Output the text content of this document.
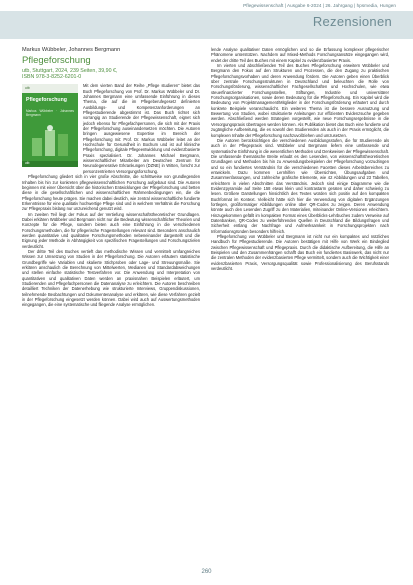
Pflegewissenschaft | Ausgabe 6-2024 | 26. Jahrgang | hpsmedia, Hungen
Rezensionen
Markus Wübbeler, Johannes Bergmann
Pflegeforschung
utb, Stuttgart, 2024, 239 Seiten, 39,90 €,
ISBN 978-3-8252-6201-0
utb
Pflegeforschung
Markus Wübbeler · Johannes Bergmann
utb

Mit dem vierten Band der Reihe „Pflege studieren“ bietet das Buch Pflegeforschung von Prof. Dr. Markus Wübbeler und Dr. Johannes Bergmann eine umfassende Einführung in dieses Thema, die auf die im Pflegeberufegesetz definierten Ausbildungs- und Kompetenzanforderungen an Pflegestudierende abgestimmt ist. Das Buch richtet sich vorrangig an Studierende der Pflegewissenschaft, eignet sich jedoch ebenso für Pflegefachpersonen, die sich mit der Praxis der Pflegeforschung auseinandersetzen möchten. Die Autoren bringen ausgewiesene Expertise im Bereich der Pflegeforschung mit: Prof. Dr. Markus Wübbeler leitet an der Hochschule für Gesundheit in Bochum und ist auf klinische Pflegeforschung, digitale Pflegeentwicklung und evidenzbasierte Praxis spezialisiert. Dr. Johannes Michael Bergmann, wissenschaftlicher Mitarbeiter am Deutschen Zentrum für Neurodegenerative Erkrankungen (DZNE) in Witten, forscht zur personzentrierten Versorgungsforschung.

Pflegeforschung gliedert sich in vier große Abschnitte, die schrittweise von grundlegenden Inhalten bis hin zur konkreten pflegewissenschaftlichen Forschung aufgebaut sind. Die Autoren beginnen mit einer Übersicht über die historischen Entwicklungen der Pflegeforschung und betten diese in die gesellschaftlichen und wissenschaftlichen Rahmenbedingungen ein, die die Pflegeforschung heute prägen. Sie machen dabei deutlich, wie zentral wissenschaftliche fundierte Erkenntnisse für eine qualitativ hochwertige Pflege sind und in welchem Verhältnis die Forschung zur Pflegepraxis bislang nur unzureichend genutzt wird.

Im zweiten Teil liegt der Fokus auf der Vertiefung wissenschaftstheoretischer Grundlagen. Dabei erklären Wübbeler und Bergmann nicht nur die Bedeutung wissenschaftlicher Theorien und Konzepte für die Pflege, sondern bieten auch eine Einführung in die verschiedenen Forschungsmethoden, die für pflegerische Fragestellungen relevant sind. Besonders anschaulich werden quantitative und qualitative Forschungsmethoden nebeneinander dargestellt und die Eignung jeder Methode in Abhängigkeit von spezifischen Fragestellungen und Forschungszielen verdeutlicht.

Der dritte Teil des Buches vertieft das methodische Wissen und vermittelt umfangreiches Wissen zur Umsetzung von Studien in der Pflegeforschung. Die Autoren erläutern statistische Grundbegriffe wie Variablen und skalierte Stichproben oder Lage- und Streuungsmaße. Sie erklären anschaulich die Berechnung von Mittelwerten, Medianen und Standardabweichungen und stellen einfache statistische Testverfahren vor. Die Anwendung und Interpretation von quantitativen und qualitativen Daten werden an praxisnahen Beispielen erläutert, um Studierenden und Pflegefachpersonen die Datenanalyse zu erleichtern. Die Autoren beschreiben detailliert Techniken der Datenerhebung wie strukturierte Interviews, Gruppendiskussionen, teilnehmende Beobachtungen und Dokumentenanalyse und erklären, wie diese Verfahren gezielt in der Pflegeforschung eingesetzt werden können. Dabei wird auch auf Auswertungsmethoden eingegangen, die eine systematische und fliegende Analyse ermöglichen.

lende Analyse qualitativer Daten ermöglichen und so die Erfassung komplexer pflegerischer Phänomene unterstützen. Nachdem auf Mixed-Methods Forschungsansätze eingegangen wird, endet der dritte Teil des Buches mit einem Kapitel zu evidenzbasierter Praxis.

Im vierten und abschließenden Teil des Buches Pflegeforschung erweitern Wübbeler und Bergmann den Fokus auf den Strukturen und Prozessen, die den Zugang zu praktischen Pflegeforschungsvorhaben und deren Anwendung fördern. Die Autoren geben einen Überblick über zentrale Forschungsstrukturen in Deutschland und beleuchten die Rolle von Forschungsförderung, wissenschaftlicher Fachgesellschaften und Hochschulen, wie etwa steuerfinanzierter Forschungsstellen, Stiftungen, Industrie und universitärer Forschungsorganisationen, sowie deren Bedeutung für die Pflegeforschung. Ein Kapitel wird die Bedeutung von Projektmanagement/Mitglieder in der Forschungsförderung erläutert und durch konkrete Beispiele veranschaulicht. Ein weiteres Thema ist die bessere Ausnutzung und Bewertung von Studien, wobei strukturierte Anleitungen zur effizienten Evidenzsuche gegeben werden. Abschließend werden Strategien vorgestellt, wie neue Forschungsergebnisse in die Versorgungspraxis übertragen werden können. Als Publikation bietet das Buch eine fundierte und zugängliche Aufbereitung, die es sowohl den Studierenden als auch in der Praxis ermöglicht, die komplexen Inhalte der Pflegeforschung nachzuvollziehen und umzusetzen.

Die Autoren berücksichtigen die verschiedenen Ausbildungsstufen, die für Studierende als auch in der Pflegepraxis sind. Wübbeler und Bergmann liefern eine umfassende und systematische Einführung in die wesentlichen Methoden und Denkweisen der Pflegewissenschaft. Die umfassende thematische Breite erlaubt es den Lesenden, von wissenschaftstheoretischen Grundlagen und Methoden bis hin zu Anwendungsbeispielen der Pflegeforschung vorzudringen und so ein fundiertes Verständnis für die verschiedenen Facetten dieses Arbeitsbereiches zu entwickeln. Dazu kommen Lernhilfen wie Übersichten, Übungsaufgaben und Zusammenfassungen, und zahlreiche grafische Elemente, wie 42 Abbildungen und 23 Tabellen, erleichtern in vielen Abschnitten das Verständnis. Jedoch sind einige Diagramme wie die Evidenzpyramide auf Seite 158 etwas klein und kontrastarm geraten und daher schwierig zu lesen. Größere Darstellungen hinsichtlich des Textes würden sich positiv auf den kompakten Buchformat im Kontext. Vielleicht hätte sich hier die Verwendung von digitalen Ergänzungen fortlegen, großformatiger Abbildungen online über QR-Codes zu zeigen. Deren Anwendung könnte auch den Lesenden Zugriff zu den Materialien, miteinander Online-Versionen erleichtern. Hinzugekommen gefällt im kompakten Format eines Überblicks-Lehrbuches zudem Verweise auf Datenbanken, QR-Codes zu weiterführenden Quellen in Deutschland die Bildungsfragen und Sicherheit entlang der Nachfrage und Aufmerksamkeit in Forschungsprojekten nach Informationsgründen besonders hilfreich.

Pflegeforschung von Wübbeler und Bergmann ist nicht nur ein kompaktes und nützliches Handbuch für Pflegestudierende. Die Autoren bestätigen mit Hilfe von Werk ein Bindeglied zwischen Pflegewissenschaft und Pflegepraxis. Durch die didaktische Aufbereitung, die Hilfe an Beispielen und den Zusammenhängen schafft das Buch ein fundiertes Basiswerk, das nicht nur die zentralen Methoden der evidenzbasierten Pflege vermittelt, sondern auch die Wichtigkeit einer evidenzbasierten Praxis, Versorgungsqualität sowie Professionalisierung des Berufsstands verdeutlicht.

260
